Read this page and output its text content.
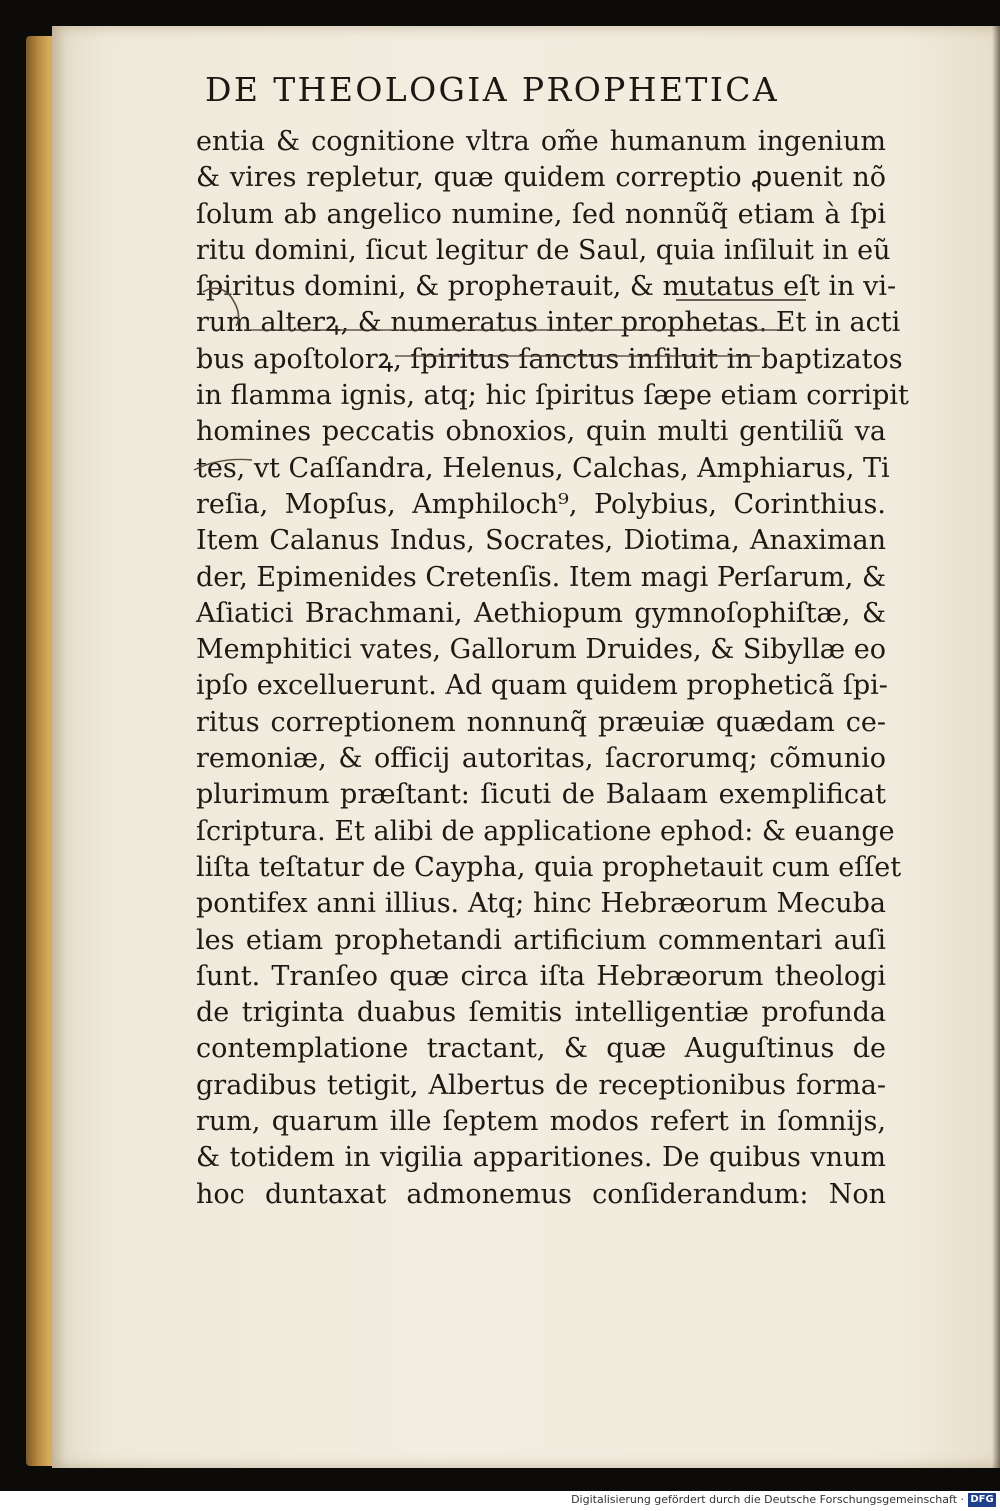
DE THEOLOGIA PROPHETICA
entia & cognitione vltra om̃e humanum ingenium
& vires repletur, quæ quidem correptio ꝓuenit nõ
ſolum ab angelico numine, ſed nonnũq̃ etiam à ſpi
ritu domini, ſicut legitur de Saul, quia inſiluit in eũ
ſpiritus domini, & propheтauit, & mutatus eſt in vi-
rum alterꝝ, & numeratus inter prophetas. Et in acti
bus apoſtolorꝝ, ſpiritus ſanctus inſiluit in baptizatos
in flamma ignis, atq; hic ſpiritus ſæpe etiam corripit
homines peccatis obnoxios, quin multi gentiliũ va
tes, vt Caſſandra, Helenus, Calchas, Amphiarus, Ti
reſia, Mopſus, Amphiloch⁹, Polybius, Corinthius.
Item Calanus Indus, Socrates, Diotima, Anaximan
der, Epimenides Cretenſis. Item magi Perſarum, &
Aſiatici Brachmani, Aethiopum gymnoſophiſtæ, &
Memphitici vates, Gallorum Druides, & Sibyllæ eo
ipſo excelluerunt. Ad quam quidem propheticã ſpi-
ritus correptionem nonnunq̃ præuiæ quædam ce-
remoniæ, & officij autoritas, ſacrorumq; cõmunio
plurimum præſtant: ſicuti de Balaam exemplificat
ſcriptura. Et alibi de applicatione ephod: & euange
liſta teſtatur de Caypha, quia prophetauit cum eſſet
pontifex anni illius. Atq; hinc Hebræorum Mecuba
les etiam prophetandi artificium commentari auſi
ſunt. Tranſeo quæ circa iſta Hebræorum theologi
de triginta duabus ſemitis intelligentiæ profunda
contemplatione tractant, & quæ Auguſtinus de
gradibus tetigit, Albertus de receptionibus forma-
rum, quarum ille ſeptem modos refert in ſomnijs,
& totidem in vigilia apparitiones. De quibus vnum
hoc duntaxat admonemus conſiderandum: Non
Digitalisierung gefördert durch die Deutsche Forschungsgemeinschaft · DFG
